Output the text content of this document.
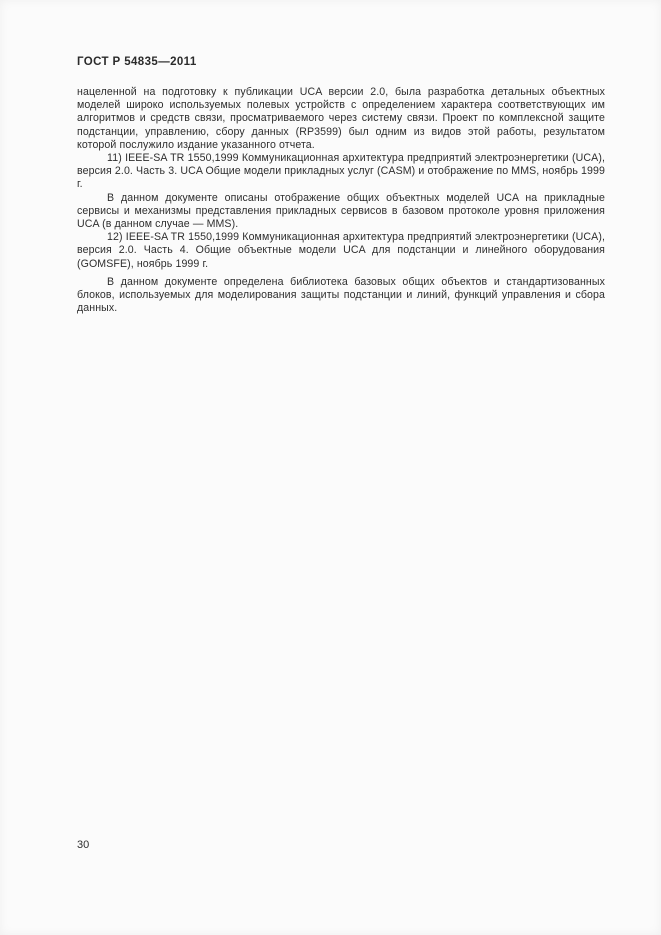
ГОСТ Р 54835—2011

нацеленной на подготовку к публикации UCA версии 2.0, была разработка детальных объектных моделей широко используемых полевых устройств с определением характера соответствующих им алгоритмов и средств связи, просматриваемого через систему связи. Проект по комплексной защите подстанции, управлению, сбору данных (RP3599) был одним из видов этой работы, результатом которой послужило издание указанного отчета.

11) IEEE-SA TR 1550,1999 Коммуникационная архитектура предприятий электроэнергетики (UCA), версия 2.0. Часть 3. UCA Общие модели прикладных услуг (CASM) и отображение по MMS, ноябрь 1999 г.

В данном документе описаны отображение общих объектных моделей UCA на прикладные сервисы и механизмы представления прикладных сервисов в базовом протоколе уровня приложения UCA (в данном случае — MMS).

12) IEEE-SA TR 1550,1999 Коммуникационная архитектура предприятий электроэнергетики (UCA), версия 2.0. Часть 4. Общие объектные модели UCA для подстанции и линейного оборудования (GOMSFE), ноябрь 1999 г.

В данном документе определена библиотека базовых общих объектов и стандартизованных блоков, используемых для моделирования защиты подстанции и линий, функций управления и сбора данных.

30
